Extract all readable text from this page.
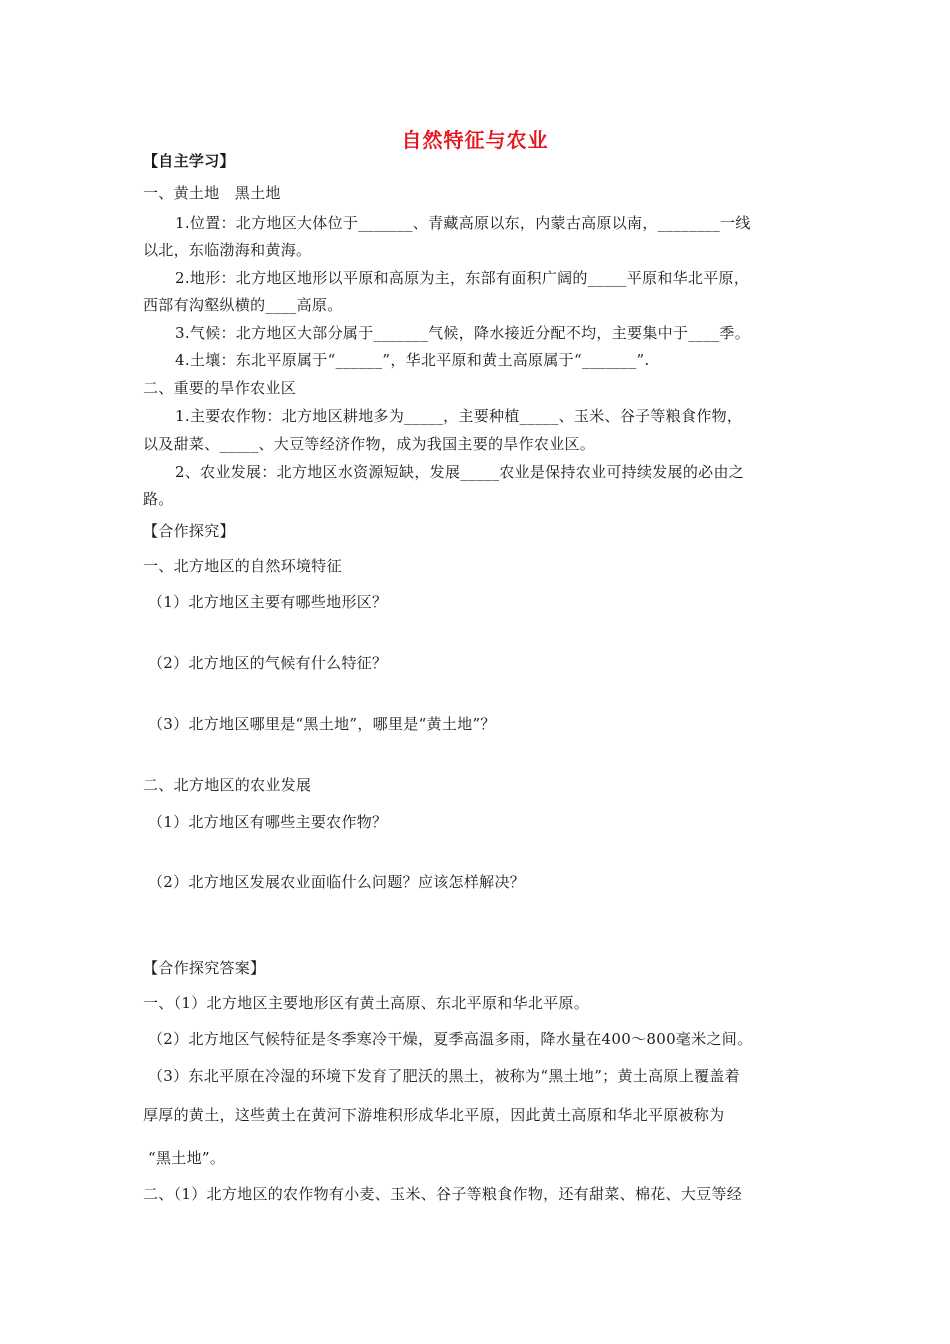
自然特征与农业
【自主学习】
一、黄土地　黑土地
1.位置：北方地区大体位于_______、青藏高原以东，内蒙古高原以南，________一线
以北，东临渤海和黄海。
2.地形：北方地区地形以平原和高原为主，东部有面积广阔的_____平原和华北平原，
西部有沟壑纵横的____高原。
3.气候：北方地区大部分属于_______气候，降水接近分配不均，主要集中于____季。
4.土壤：东北平原属于“______”，华北平原和黄土高原属于“_______”.
二、重要的旱作农业区
1.主要农作物：北方地区耕地多为_____，主要种植_____、玉米、谷子等粮食作物，
以及甜菜、_____、大豆等经济作物，成为我国主要的旱作农业区。
2、农业发展：北方地区水资源短缺，发展_____农业是保持农业可持续发展的必由之
路。
【合作探究】
一、北方地区的自然环境特征
（1）北方地区主要有哪些地形区？
（2）北方地区的气候有什么特征？
（3）北方地区哪里是“黑土地”，哪里是“黄土地”？
二、北方地区的农业发展
（1）北方地区有哪些主要农作物？
（2）北方地区发展农业面临什么问题？应该怎样解决？
【合作探究答案】
一、（1）北方地区主要地形区有黄土高原、东北平原和华北平原。
（2）北方地区气候特征是冬季寒冷干燥，夏季高温多雨，降水量在400～800毫米之间。
（3）东北平原在冷湿的环境下发育了肥沃的黑土，被称为“黑土地”；黄土高原上覆盖着
厚厚的黄土，这些黄土在黄河下游堆积形成华北平原，因此黄土高原和华北平原被称为
“黑土地”。
二、（1）北方地区的农作物有小麦、玉米、谷子等粮食作物，还有甜菜、棉花、大豆等经
